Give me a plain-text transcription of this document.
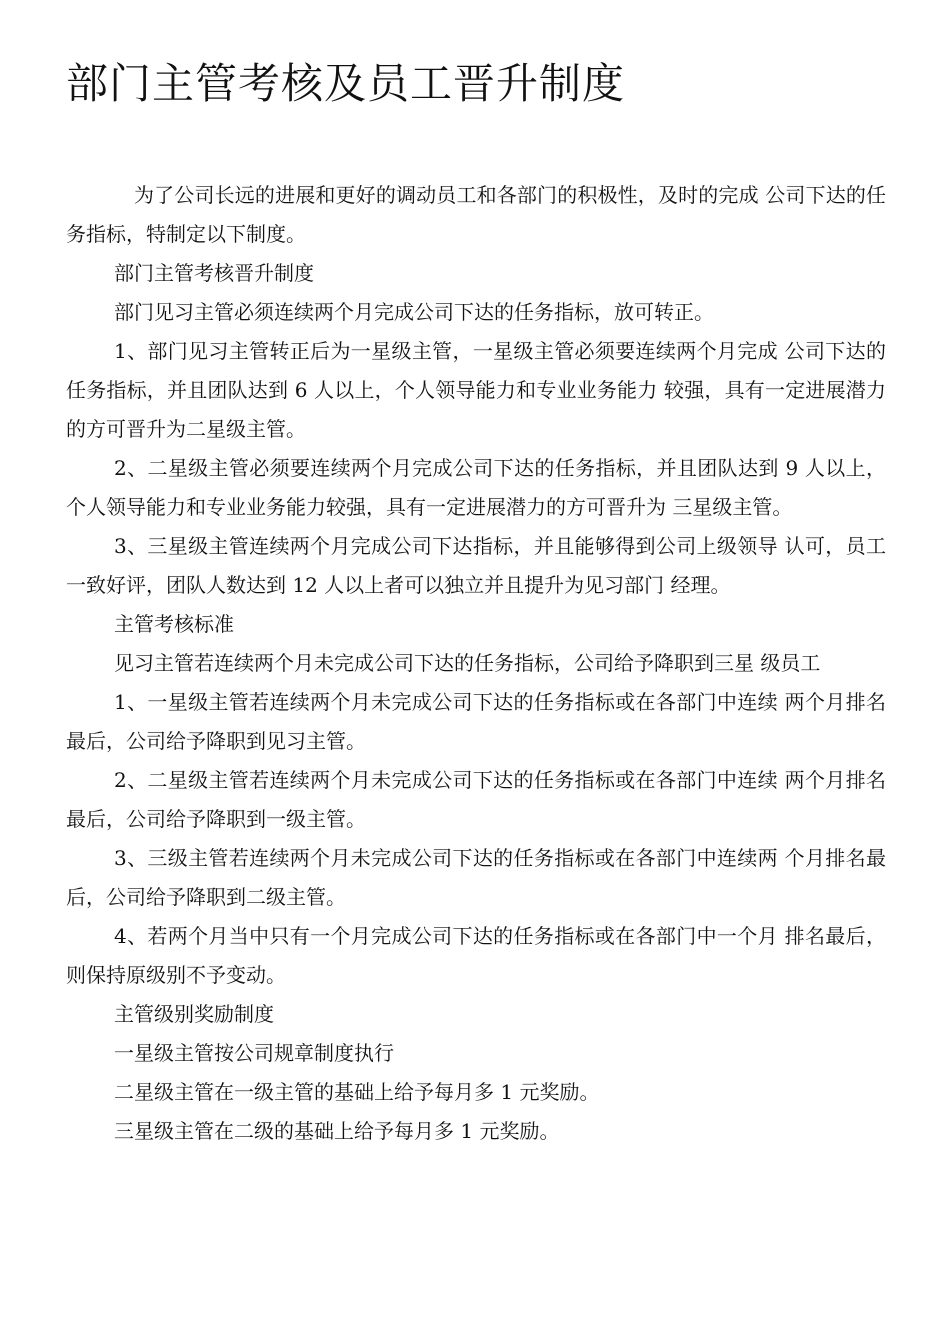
部门主管考核及员工晋升制度

为了公司长远的进展和更好的调动员工和各部门的积极性，及时的完成 公司下达的任务指标，特制定以下制度。

部门主管考核晋升制度

部门见习主管必须连续两个月完成公司下达的任务指标，放可转正。

1、部门见习主管转正后为一星级主管，一星级主管必须要连续两个月完成 公司下达的任务指标，并且团队达到 6 人以上，个人领导能力和专业业务能力 较强，具有一定进展潜力的方可晋升为二星级主管。

2、二星级主管必须要连续两个月完成公司下达的任务指标，并且团队达到 9 人以上，个人领导能力和专业业务能力较强，具有一定进展潜力的方可晋升为 三星级主管。

3、三星级主管连续两个月完成公司下达指标，并且能够得到公司上级领导 认可，员工一致好评，团队人数达到 12 人以上者可以独立并且提升为见习部门 经理。

主管考核标准

见习主管若连续两个月未完成公司下达的任务指标，公司给予降职到三星 级员工

1、一星级主管若连续两个月未完成公司下达的任务指标或在各部门中连续 两个月排名最后，公司给予降职到见习主管。

2、二星级主管若连续两个月未完成公司下达的任务指标或在各部门中连续 两个月排名最后，公司给予降职到一级主管。

3、三级主管若连续两个月未完成公司下达的任务指标或在各部门中连续两 个月排名最后，公司给予降职到二级主管。

4、若两个月当中只有一个月完成公司下达的任务指标或在各部门中一个月 排名最后，则保持原级别不予变动。

主管级别奖励制度

一星级主管按公司规章制度执行

二星级主管在一级主管的基础上给予每月多 1 元奖励。

三星级主管在二级的基础上给予每月多 1 元奖励。
